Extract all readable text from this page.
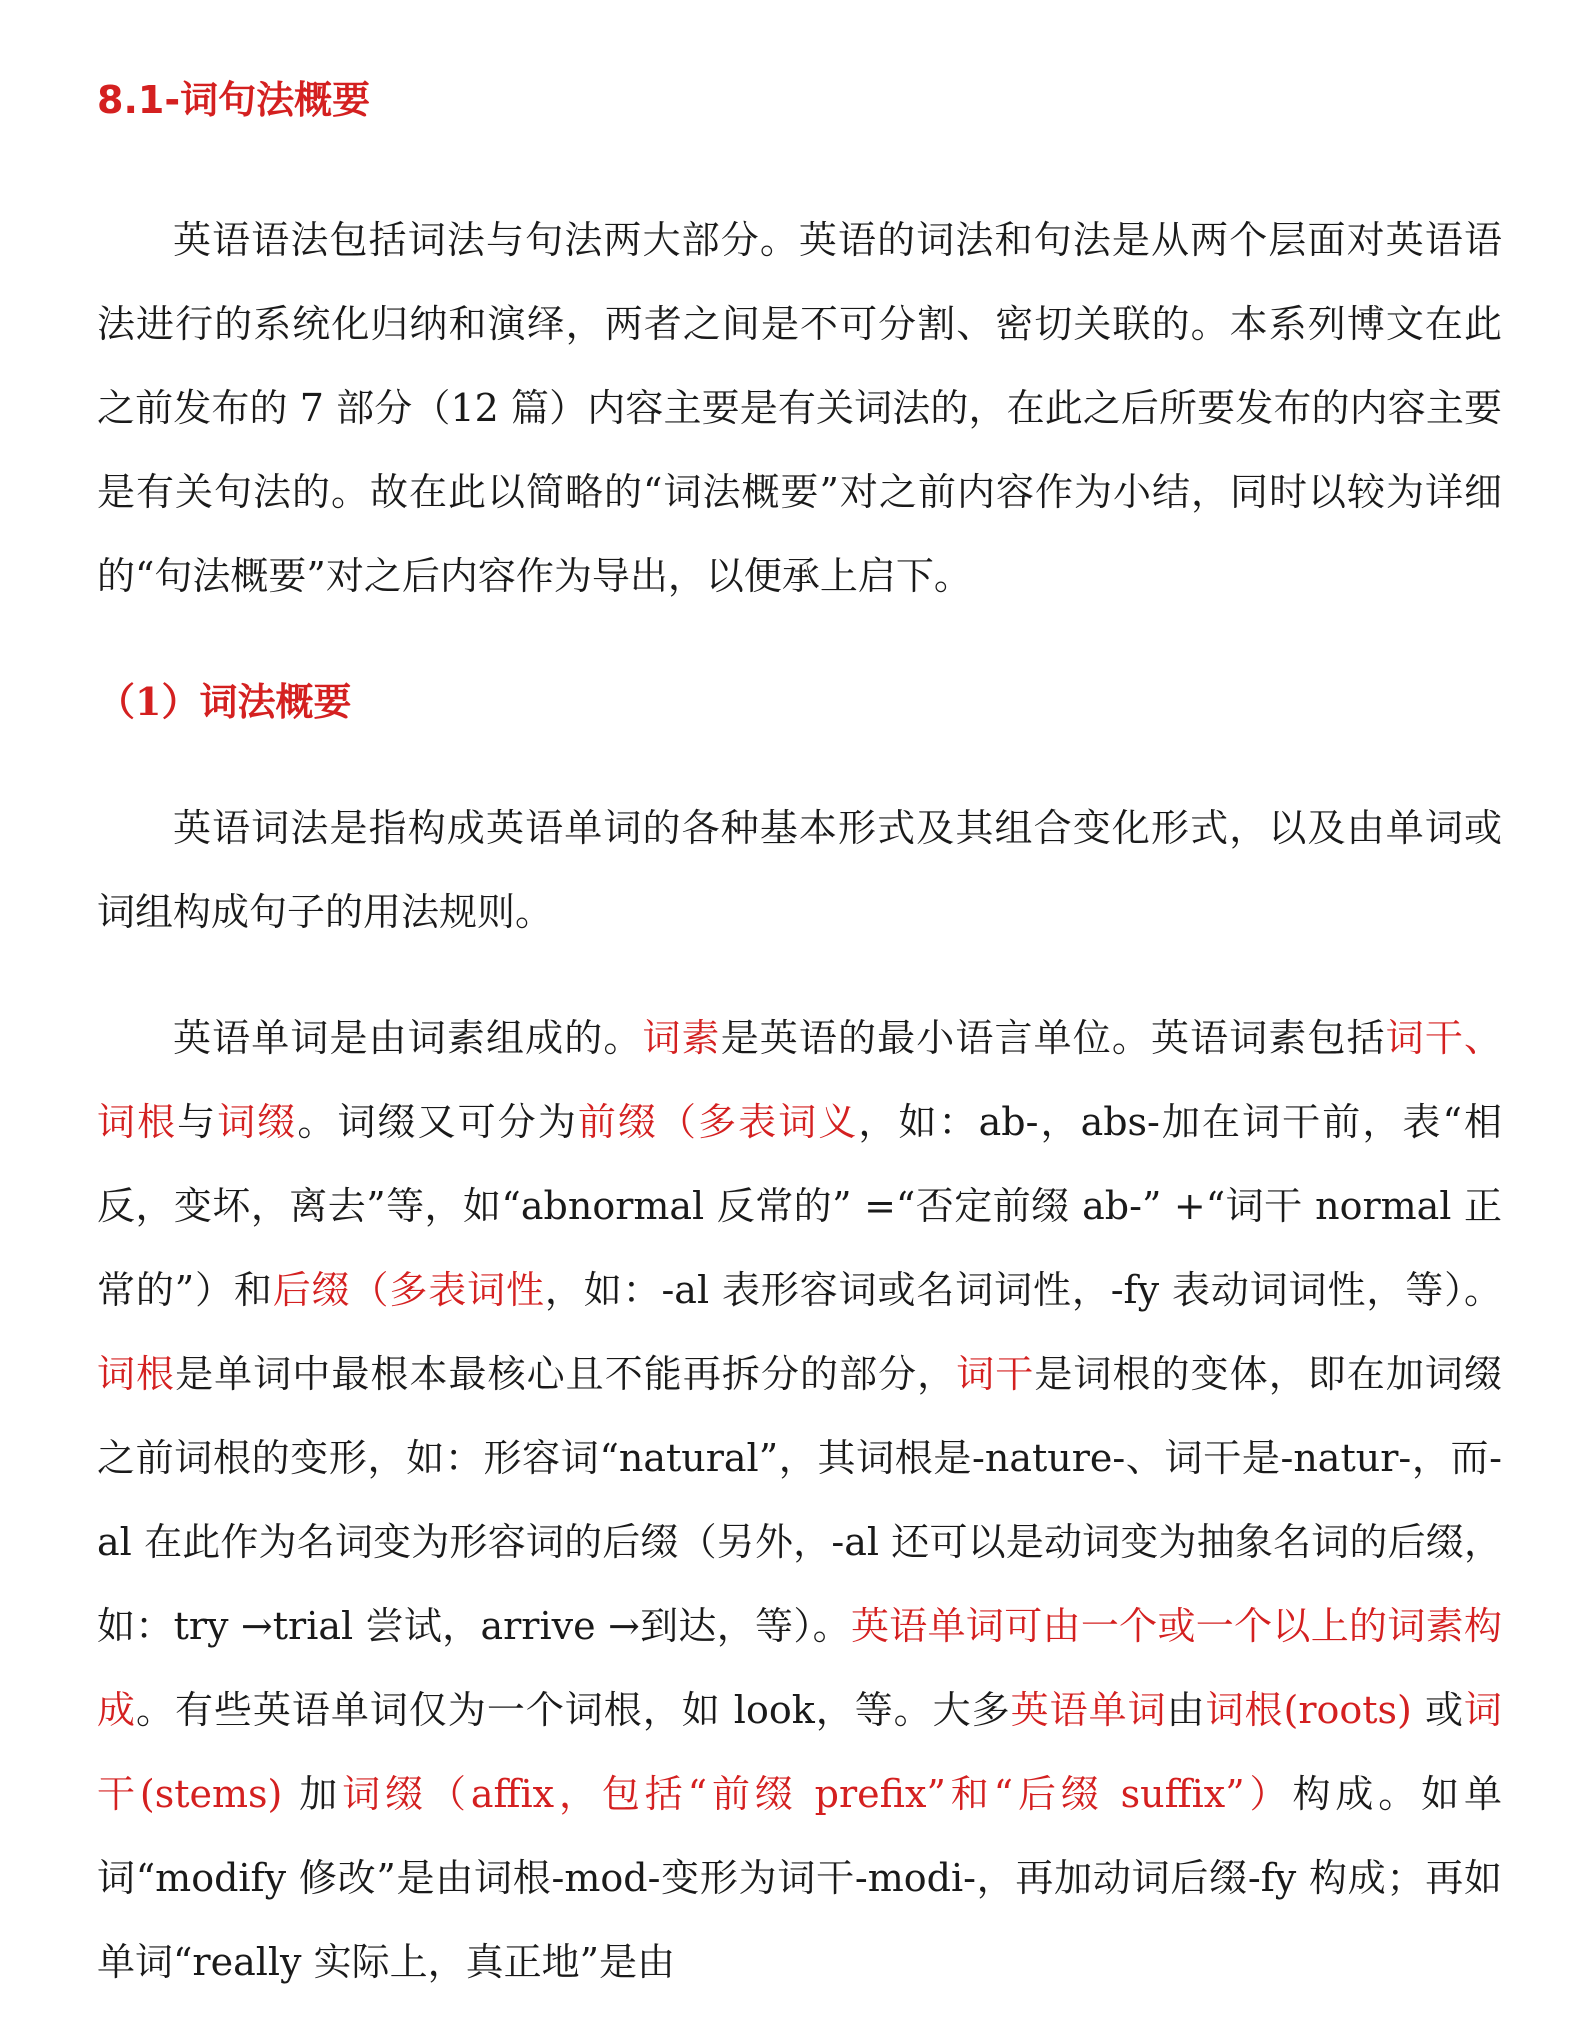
8.1-词句法概要

英语语法包括词法与句法两大部分。英语的词法和句法是从两个层面对英语语法进行的系统化归纳和演绎，两者之间是不可分割、密切关联的。本系列博文在此之前发布的 7 部分（12 篇）内容主要是有关词法的，在此之后所要发布的内容主要是有关句法的。故在此以简略的“词法概要”对之前内容作为小结，同时以较为详细的“句法概要”对之后内容作为导出，以便承上启下。

（1）词法概要

英语词法是指构成英语单词的各种基本形式及其组合变化形式，以及由单词或词组构成句子的用法规则。

英语单词是由词素组成的。词素是英语的最小语言单位。英语词素包括词干、词根与词缀。词缀又可分为前缀（多表词义，如：ab-，abs-加在词干前，表“相反，变坏，离去”等，如“abnormal 反常的” =“否定前缀 ab-” +“词干 normal 正常的”）和后缀（多表词性，如：-al 表形容词或名词词性，-fy 表动词词性，等）。词根是单词中最根本最核心且不能再拆分的部分，词干是词根的变体，即在加词缀之前词根的变形，如：形容词“natural”，其词根是-nature-、词干是-natur-，而-al 在此作为名词变为形容词的后缀（另外，-al 还可以是动词变为抽象名词的后缀，如：try →trial 尝试，arrive →到达，等）。英语单词可由一个或一个以上的词素构成。有些英语单词仅为一个词根，如 look，等。大多英语单词由词根(roots) 或词干(stems) 加词缀（affix，包括“前缀 prefix”和“后缀 suffix”）构成。如单词“modify 修改”是由词根-mod-变形为词干-modi-，再加动词后缀-fy 构成；再如单词“really 实际上，真正地”是由
